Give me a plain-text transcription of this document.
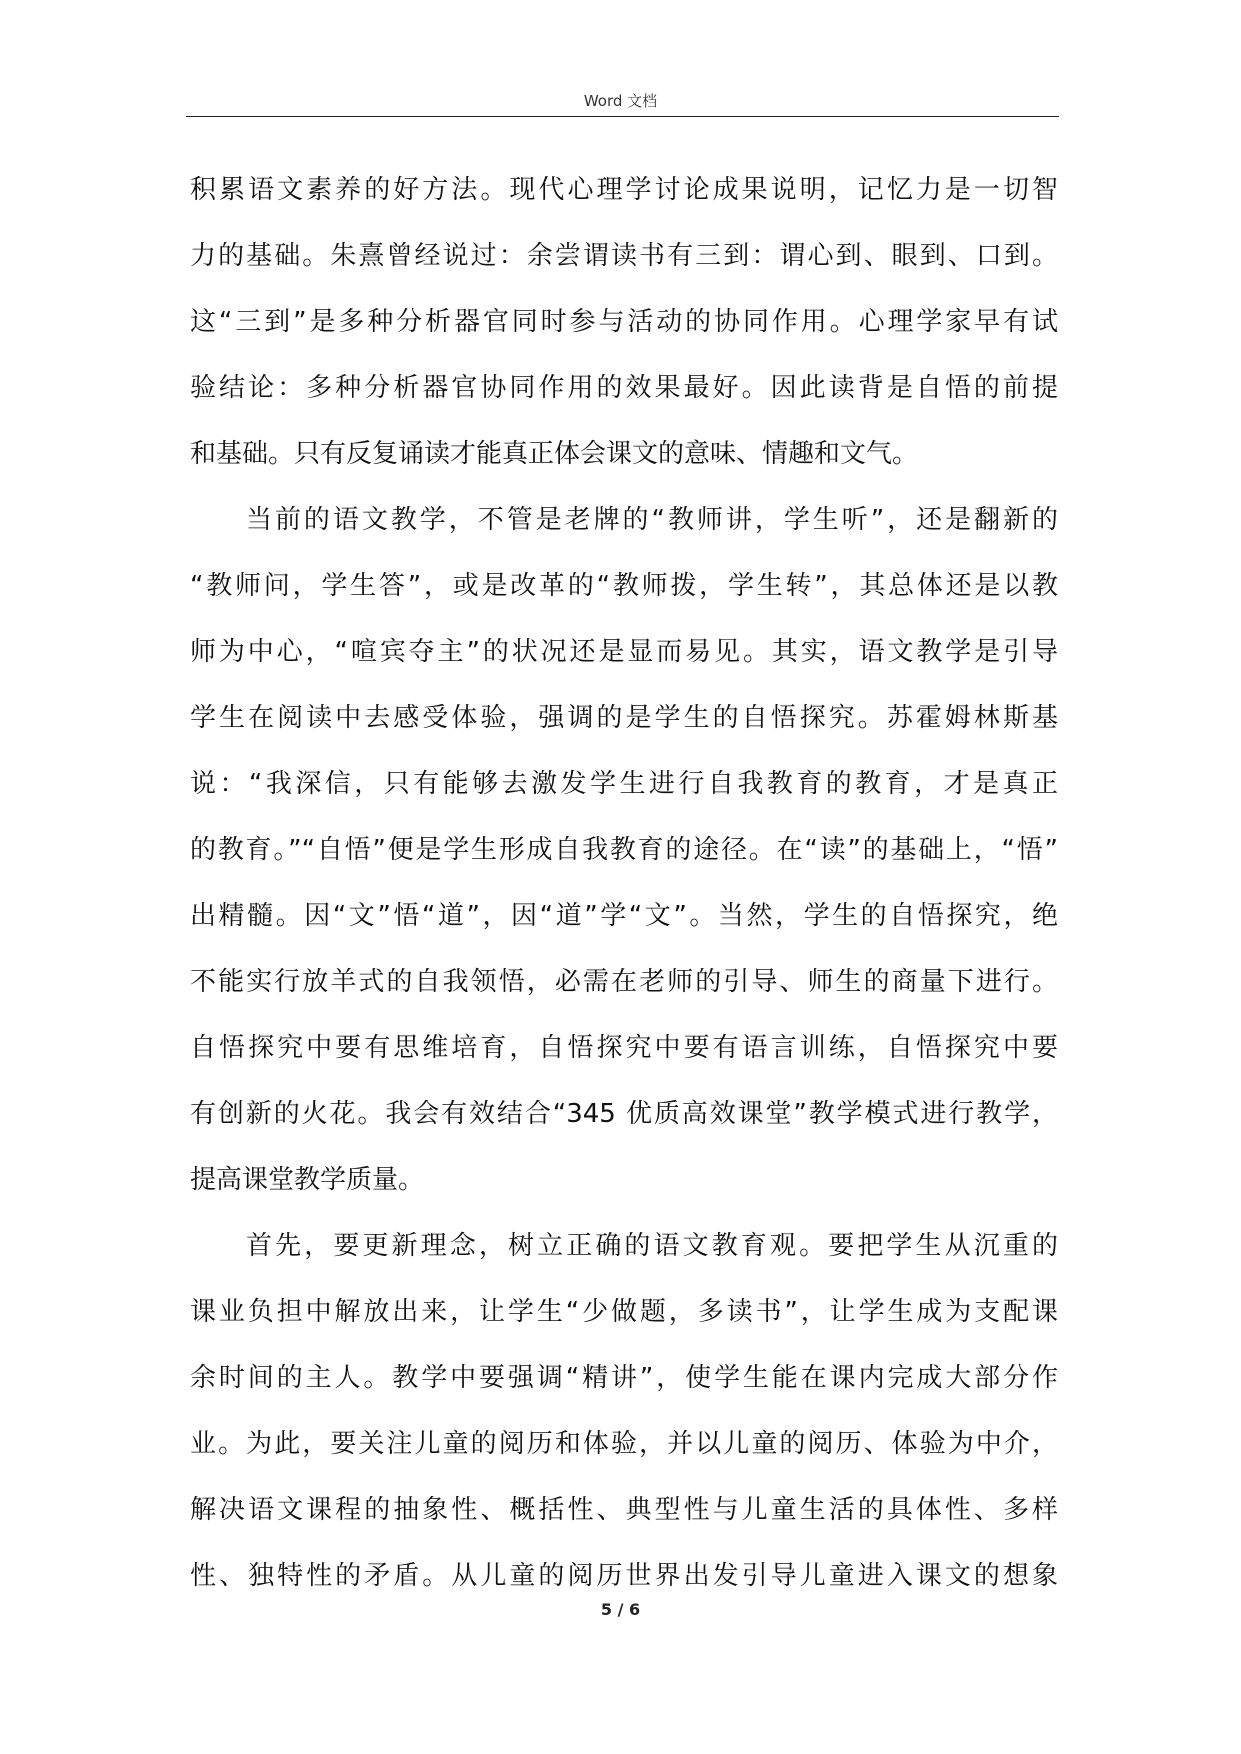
Word 文档
积累语文素养的好方法。现代心理学讨论成果说明，记忆力是一切智
力的基础。朱熹曾经说过：余尝谓读书有三到：谓心到、眼到、口到。
这“三到”是多种分析器官同时参与活动的协同作用。心理学家早有试
验结论：多种分析器官协同作用的效果最好。因此读背是自悟的前提
和基础。只有反复诵读才能真正体会课文的意味、情趣和文气。
当前的语文教学，不管是老牌的“教师讲，学生听”，还是翻新的
“教师问，学生答”，或是改革的“教师拨，学生转”，其总体还是以教
师为中心，“喧宾夺主”的状况还是显而易见。其实，语文教学是引导
学生在阅读中去感受体验，强调的是学生的自悟探究。苏霍姆林斯基
说：“我深信，只有能够去激发学生进行自我教育的教育，才是真正
的教育。”“自悟”便是学生形成自我教育的途径。在“读”的基础上，“悟”
出精髓。因“文”悟“道”，因“道”学“文”。当然，学生的自悟探究，绝
不能实行放羊式的自我领悟，必需在老师的引导、师生的商量下进行。
自悟探究中要有思维培育，自悟探究中要有语言训练，自悟探究中要
有创新的火花。我会有效结合“345 优质高效课堂”教学模式进行教学，
提高课堂教学质量。
首先，要更新理念，树立正确的语文教育观。要把学生从沉重的
课业负担中解放出来，让学生“少做题，多读书”，让学生成为支配课
余时间的主人。教学中要强调“精讲”，使学生能在课内完成大部分作
业。为此，要关注儿童的阅历和体验，并以儿童的阅历、体验为中介，
解决语文课程的抽象性、概括性、典型性与儿童生活的具体性、多样
性、独特性的矛盾。从儿童的阅历世界出发引导儿童进入课文的想象
5 / 6
